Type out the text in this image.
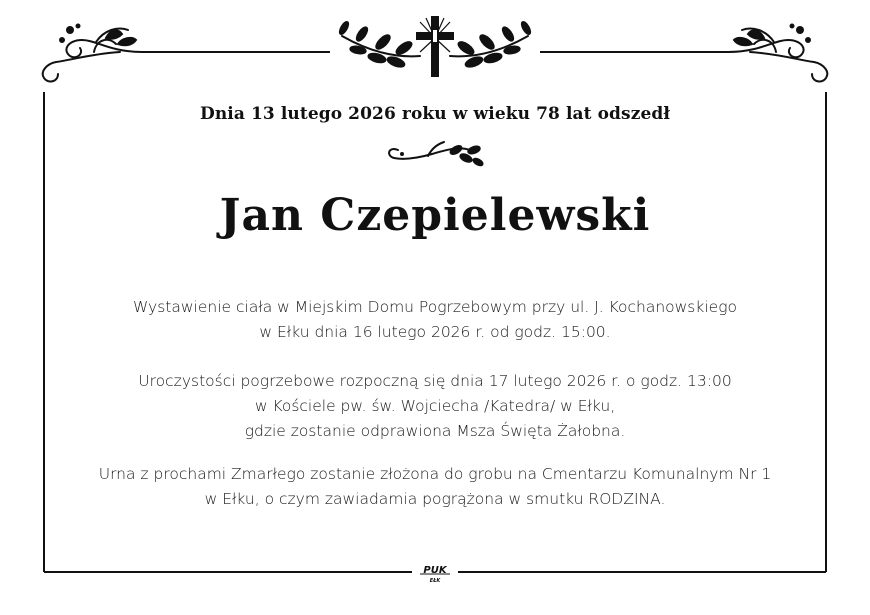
PUK
EŁK
Dnia 13 lutego 2026 roku w wieku 78 lat odszedł
Jan Czepielewski
Wystawienie ciała w Miejskim Domu Pogrzebowym przy ul. J. Kochanowskiego
w Ełku dnia 16 lutego 2026 r. od godz. 15:00.
Uroczystości pogrzebowe rozpoczną się dnia 17 lutego 2026 r. o godz. 13:00
w Kościele pw. św. Wojciecha /Katedra/ w Ełku,
gdzie zostanie odprawiona Msza Święta Żałobna.
Urna z prochami Zmarłego zostanie złożona do grobu na Cmentarzu Komunalnym Nr 1
w Ełku, o czym zawiadamia pogrążona w smutku RODZINA.
